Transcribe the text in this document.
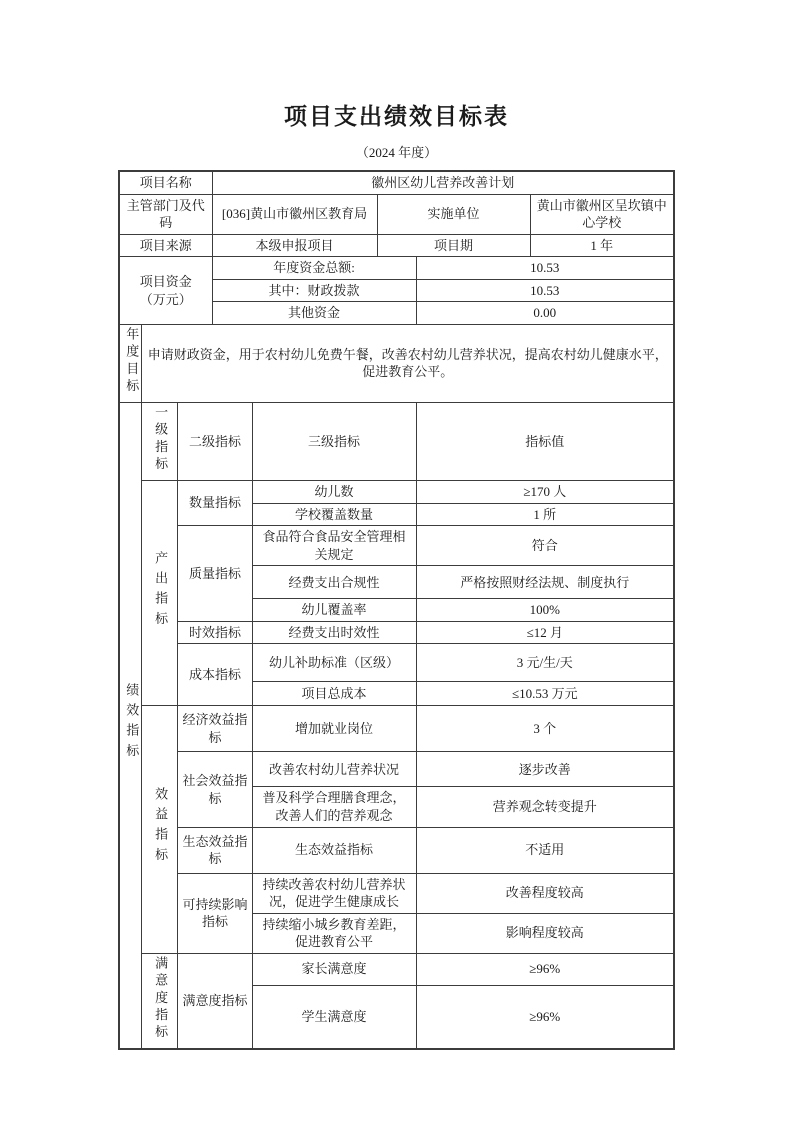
项目支出绩效目标表
（2024 年度）
项目名称			徽州区幼儿营养改善计划				
主管部门及代码			[036]黄山市徽州区教育局		实施单位		黄山市徽州区呈坎镇中心学校
项目来源			本级申报项目		项目期		1 年

项目资金
（万元）			年度资金总额:			10.53	
			其中：财政拨款			10.53	
			其他资金			0.00	
年度目标	申请财政资金，用于农村幼儿免费午餐，改善农村幼儿营养状况，提高农村幼儿健康水平，促进教育公平。						
绩效指标	一级指标	二级指标		三级指标		指标值	
	产出指标	数量指标		幼儿数		≥170 人	
				学校覆盖数量		1 所	
		质量指标		食品符合食品安全管理相关规定		符合	
				经费支出合规性		严格按照财经法规、制度执行	
				幼儿覆盖率		100%	
		时效指标		经费支出时效性		≤12 月	
		成本指标		幼儿补助标准（区级）		3 元/生/天	
				项目总成本		≤10.53 万元	
	效益指标	经济效益指标		增加就业岗位		3 个	
		社会效益指标		改善农村幼儿营养状况		逐步改善	
				普及科学合理膳食理念，改善人们的营养观念		营养观念转变提升	
		生态效益指标		生态效益指标		不适用	
		可持续影响指标		持续改善农村幼儿营养状况，促进学生健康成长		改善程度较高	
				持续缩小城乡教育差距，促进教育公平		影响程度较高	
	满意度指标	满意度指标		家长满意度		≥96%	
				学生满意度		≥96%	
